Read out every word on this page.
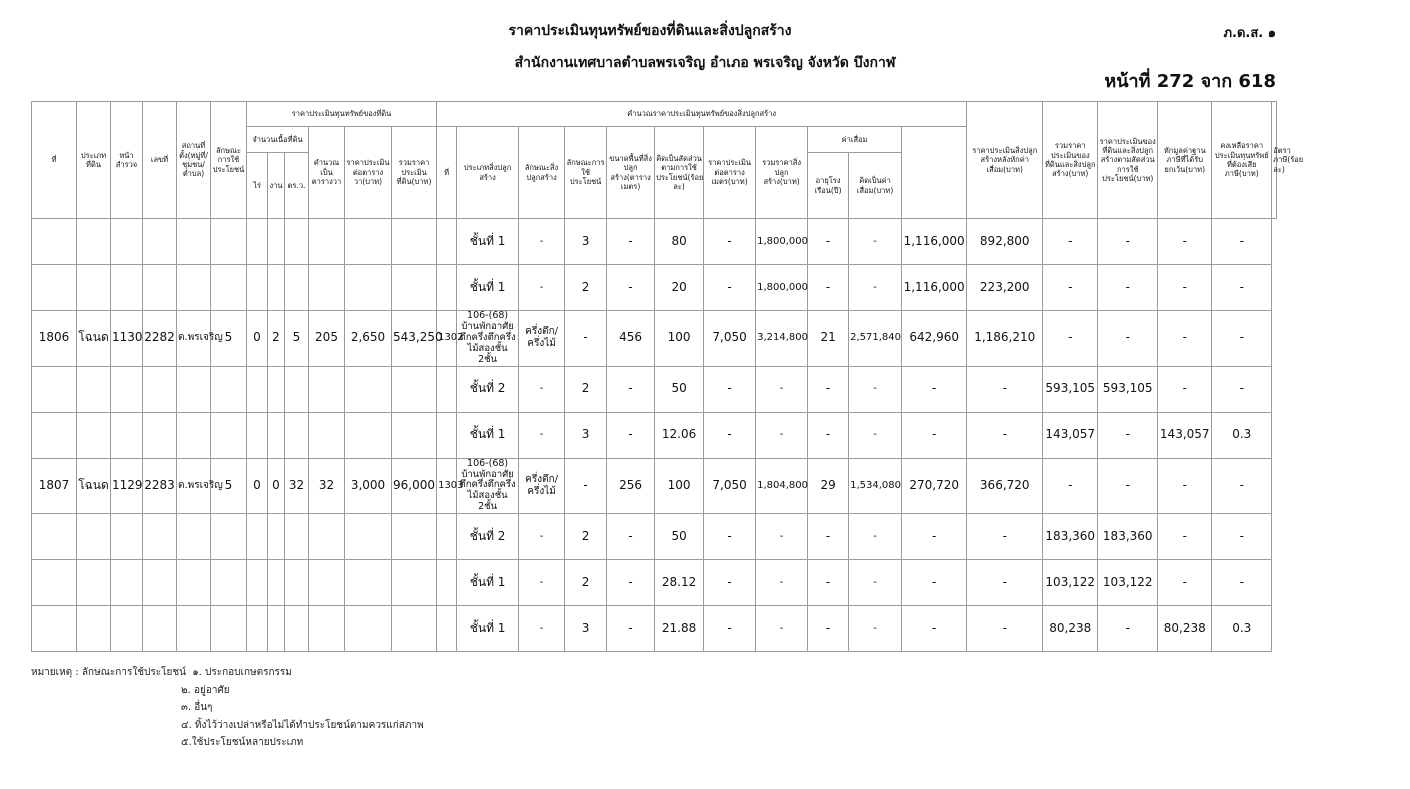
ราคาประเมินทุนทรัพย์ของที่ดินและสิ่งปลูกสร้าง
สำนักงานเทศบาลตำบลพรเจริญ อำเภอ พรเจริญ จังหวัด บึงกาฬ
ภ.ด.ส. ๑
หน้าที่ 272 จาก 618
ที่	ประเภทที่ดิน	หน้าสำรวจ	เลขที่	สถานที่ตั้ง(หมู่ที่/ชุมชน/ตำบล)	ลักษณะการใช้ประโยชน์	ราคาประเมินทุนทรัพย์ของที่ดิน						คำนวณราคาประเมินทุนทรัพย์ของสิ่งปลูกสร้าง											ราคาประเมินสิ่งปลูกสร้างหลังหักค่าเสื่อม(บาท)	รวมราคาประเมินของที่ดินและสิ่งปลูกสร้าง(บาท)	ราคาประเมินของที่ดินและสิ่งปลูกสร้างตามสัดส่วนการใช้ประโยชน์(บาท)	หักมูลค่าฐานภาษีที่ได้รับยกเว้น(บาท)	คงเหลือราคาประเมินทุนทรัพย์ที่ต้องเสียภาษี(บาท)	อัตราภาษี(ร้อยละ)
						จำนวนเนื้อที่ดิน			คำนวณเป็นตารางวา	ราคาประเมินต่อตารางวา(บาท)	รวมราคาประเมินที่ดิน(บาท)	ที่	ประเภทสิ่งปลูกสร้าง	ลักษณะสิ่งปลูกสร้าง	ลักษณะการใช้ประโยชน์	ขนาดพื้นที่สิ่งปลูกสร้าง(ตารางเมตร)	คิดเป็นสัดส่วนตามการใช้ประโยชน์(ร้อยละ)	ราคาประเมินต่อตารางเมตร(บาท)	รวมราคาสิ่งปลูกสร้าง(บาท)	ค่าเสื่อม								
						ไร่	งาน	ตร.ว.												อายุโรงเรือน(ปี)	คิดเป็นค่าเสื่อม(บาท)							
													ชั้นที่ 1	-	3	-	80	-	1,800,000	-	-	1,116,000	892,800	-	-	-	-	
													ชั้นที่ 1	-	2	-	20	-	1,800,000	-	-	1,116,000	223,200	-	-	-	-	
1806	โฉนด	1130	2282	ต.พรเจริญ	5	0	2	5	205	2,650	543,250	1302	106-(68) บ้านพักอาศัยตึกครึ่งตึกครึ่งไม้สองชั้น 2ชั้น	ครึ่งตึก/ครึ่งไม้	-	456	100	7,050	3,214,800	21	2,571,840	642,960	1,186,210	-	-	-	-	
													ชั้นที่ 2	-	2	-	50	-	-	-	-	-	-	593,105	593,105	-	-	
													ชั้นที่ 1	-	3	-	12.06	-	-	-	-	-	-	143,057	-	143,057	0.3	
1807	โฉนด	1129	2283	ต.พรเจริญ	5	0	0	32	32	3,000	96,000	1303	106-(68) บ้านพักอาศัยตึกครึ่งตึกครึ่งไม้สองชั้น 2ชั้น	ครึ่งตึก/ครึ่งไม้	-	256	100	7,050	1,804,800	29	1,534,080	270,720	366,720	-	-	-	-	
													ชั้นที่ 2	-	2	-	50	-	-	-	-	-	-	183,360	183,360	-	-	
													ชั้นที่ 1	-	2	-	28.12	-	-	-	-	-	-	103,122	103,122	-	-	
													ชั้นที่ 1	-	3	-	21.88	-	-	-	-	-	-	80,238	-	80,238	0.3	
หมายเหตุ : ลักษณะการใช้ประโยชน์ ๑. ประกอบเกษตรกรรม
๒. อยู่อาศัย
๓. อื่นๆ
๔. ทิ้งไว้ว่างเปล่าหรือไม่ได้ทำประโยชน์ตามควรแก่สภาพ
๕.ใช้ประโยชน์หลายประเภท
